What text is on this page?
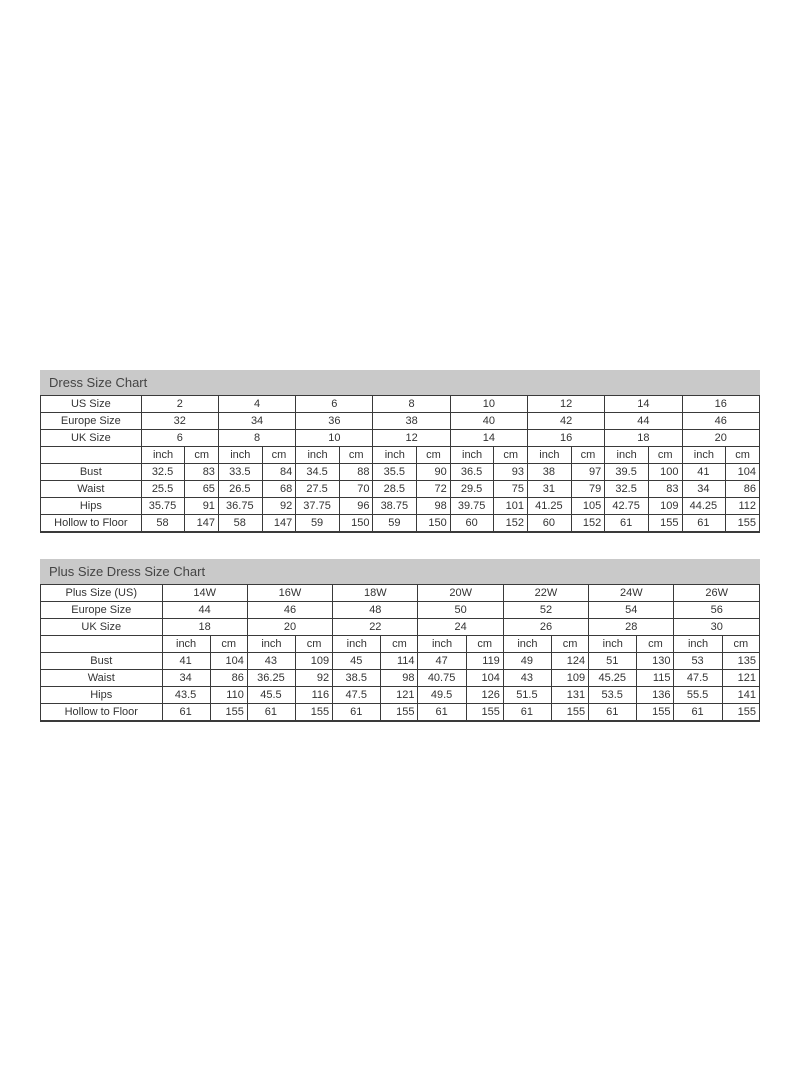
Dress Size Chart
US Size	2		4		6		8		10		12		14		16	
Europe Size	32		34		36		38		40		42		44		46	
UK Size	6		8		10		12		14		16		18		20	
	inch	cm	inch	cm	inch	cm	inch	cm	inch	cm	inch	cm	inch	cm	inch	cm
Bust	32.5	83	33.5	84	34.5	88	35.5	90	36.5	93	38	97	39.5	100	41	104
Waist	25.5	65	26.5	68	27.5	70	28.5	72	29.5	75	31	79	32.5	83	34	86
Hips	35.75	91	36.75	92	37.75	96	38.75	98	39.75	101	41.25	105	42.75	109	44.25	112
Hollow to Floor	58	147	58	147	59	150	59	150	60	152	60	152	61	155	61	155
Plus Size Dress Size Chart
Plus Size (US)	14W		16W		18W		20W		22W		24W		26W	
Europe Size	44		46		48		50		52		54		56	
UK Size	18		20		22		24		26		28		30	
	inch	cm	inch	cm	inch	cm	inch	cm	inch	cm	inch	cm	inch	cm
Bust	41	104	43	109	45	114	47	119	49	124	51	130	53	135
Waist	34	86	36.25	92	38.5	98	40.75	104	43	109	45.25	115	47.5	121
Hips	43.5	110	45.5	116	47.5	121	49.5	126	51.5	131	53.5	136	55.5	141
Hollow to Floor	61	155	61	155	61	155	61	155	61	155	61	155	61	155
